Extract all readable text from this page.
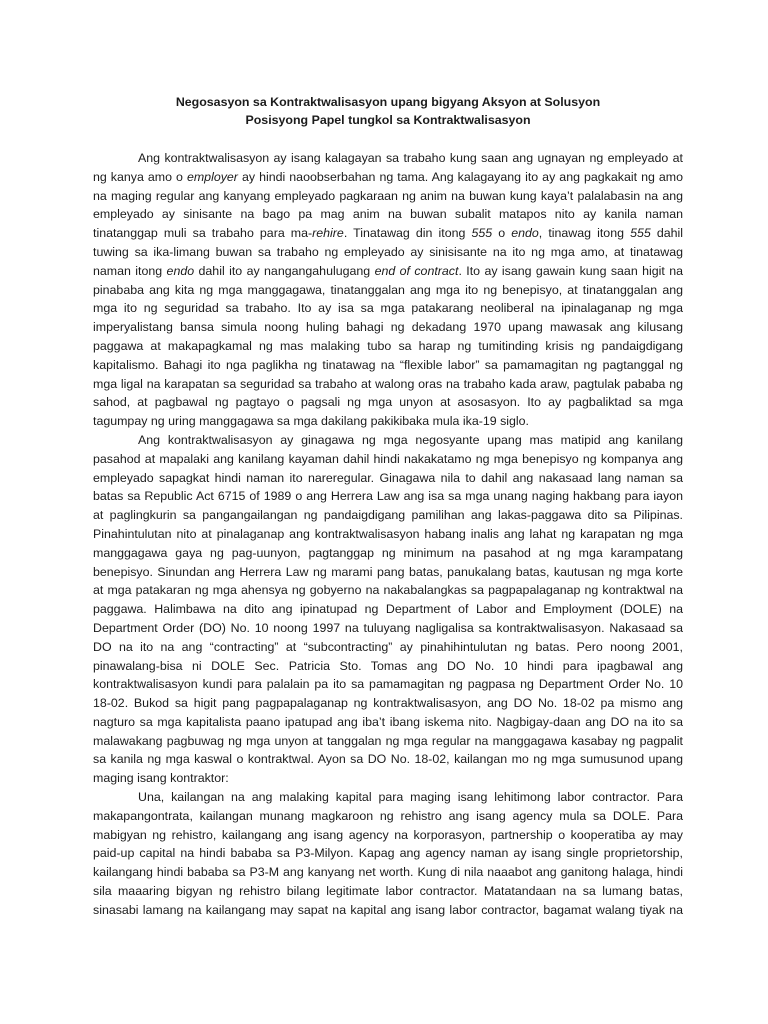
Negosasyon sa Kontraktwalisasyon upang bigyang Aksyon at Solusyon
Posisyong Papel tungkol sa Kontraktwalisasyon
Ang kontraktwalisasyon ay isang kalagayan sa trabaho kung saan ang ugnayan ng empleyado at
ng kanya amo o employer ay hindi naoobserbahan ng tama. Ang kalagayang ito ay ang pagkakait ng amo
na maging regular ang kanyang empleyado pagkaraan ng anim na buwan kung kaya’t palalabasin na ang
empleyado ay sinisante na bago pa mag anim na buwan subalit matapos nito ay kanila naman
tinatanggap muli sa trabaho para ma-rehire. Tinatawag din itong 555 o endo, tinawag itong 555 dahil
tuwing sa ika-limang buwan sa trabaho ng empleyado ay sinisisante na ito ng mga amo, at tinatawag
naman itong endo dahil ito ay nangangahulugang end of contract. Ito ay isang gawain kung saan higit na
pinababa ang kita ng mga manggagawa, tinatanggalan ang mga ito ng benepisyo, at tinatanggalan ang
mga ito ng seguridad sa trabaho. Ito ay isa sa mga patakarang neoliberal na ipinalaganap ng mga
imperyalistang bansa simula noong huling bahagi ng dekadang 1970 upang mawasak ang kilusang
paggawa at makapagkamal ng mas malaking tubo sa harap ng tumitinding krisis ng pandaigdigang
kapitalismo. Bahagi ito nga paglikha ng tinatawag na “flexible labor” sa pamamagitan ng pagtanggal ng
mga ligal na karapatan sa seguridad sa trabaho at walong oras na trabaho kada araw, pagtulak pababa ng
sahod, at pagbawal ng pagtayo o pagsali ng mga unyon at asosasyon. Ito ay pagbaliktad sa mga
tagumpay ng uring manggagawa sa mga dakilang pakikibaka mula ika-19 siglo.
Ang kontraktwalisasyon ay ginagawa ng mga negosyante upang mas matipid ang kanilang
pasahod at mapalaki ang kanilang kayaman dahil hindi nakakatamo ng mga benepisyo ng kompanya ang
empleyado sapagkat hindi naman ito nareregular. Ginagawa nila to dahil ang nakasaad lang naman sa
batas sa Republic Act 6715 of 1989 o ang Herrera Law ang isa sa mga unang naging hakbang para iayon
at paglingkurin sa pangangailangan ng pandaigdigang pamilihan ang lakas-paggawa dito sa Pilipinas.
Pinahintulutan nito at pinalaganap ang kontraktwalisasyon habang inalis ang lahat ng karapatan ng mga
manggagawa gaya ng pag-uunyon, pagtanggap ng minimum na pasahod at ng mga karampatang
benepisyo. Sinundan ang Herrera Law ng marami pang batas, panukalang batas, kautusan ng mga korte
at mga patakaran ng mga ahensya ng gobyerno na nakabalangkas sa pagpapalaganap ng kontraktwal na
paggawa. Halimbawa na dito ang ipinatupad ng Department of Labor and Employment (DOLE) na
Department Order (DO) No. 10 noong 1997 na tuluyang nagligalisa sa kontraktwalisasyon. Nakasaad sa
DO na ito na ang “contracting” at “subcontracting” ay pinahihintulutan ng batas. Pero noong 2001,
pinawalang-bisa ni DOLE Sec. Patricia Sto. Tomas ang DO No. 10 hindi para ipagbawal ang
kontraktwalisasyon kundi para palalain pa ito sa pamamagitan ng pagpasa ng Department Order No. 10
18-02. Bukod sa higit pang pagpapalaganap ng kontraktwalisasyon, ang DO No. 18-02 pa mismo ang
nagturo sa mga kapitalista paano ipatupad ang iba’t ibang iskema nito. Nagbigay-daan ang DO na ito sa
malawakang pagbuwag ng mga unyon at tanggalan ng mga regular na manggagawa kasabay ng pagpalit
sa kanila ng mga kaswal o kontraktwal. Ayon sa DO No. 18-02, kailangan mo ng mga sumusunod upang
maging isang kontraktor:
Una, kailangan na ang malaking kapital para maging isang lehitimong labor contractor. Para
makapangontrata, kailangan munang magkaroon ng rehistro ang isang agency mula sa DOLE. Para
mabigyan ng rehistro, kailangang ang isang agency na korporasyon, partnership o kooperatiba ay may
paid-up capital na hindi bababa sa P3-Milyon. Kapag ang agency naman ay isang single proprietorship,
kailangang hindi bababa sa P3-M ang kanyang net worth. Kung di nila naaabot ang ganitong halaga, hindi
sila maaaring bigyan ng rehistro bilang legitimate labor contractor. Matatandaan na sa lumang batas,
sinasabi lamang na kailangang may sapat na kapital ang isang labor contractor, bagamat walang tiyak na
